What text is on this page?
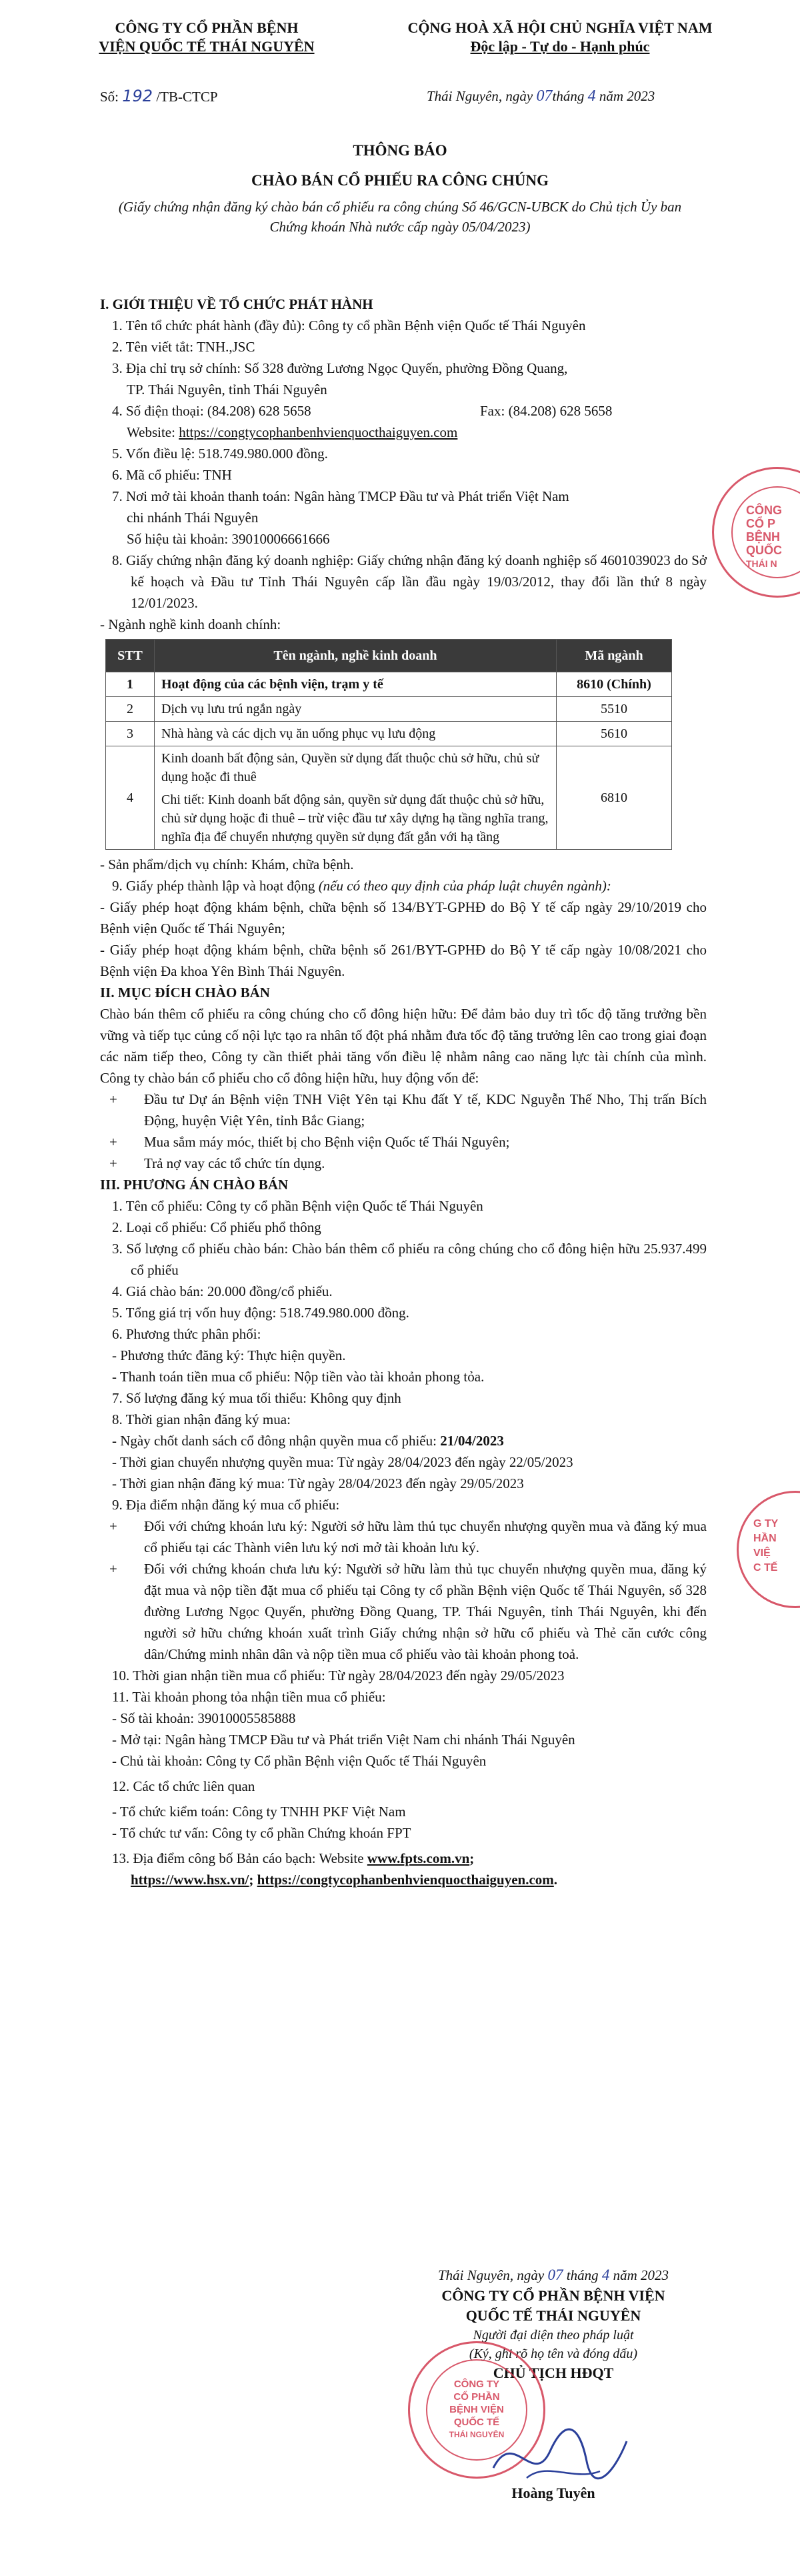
CÔNG TY CỔ PHẦN BỆNH
VIỆN QUỐC TẾ THÁI NGUYÊN
CỘNG HOÀ XÃ HỘI CHỦ NGHĨA VIỆT NAM
Độc lập - Tự do - Hạnh phúc
Số: 192 /TB-CTCP	Thái Nguyên, ngày 07tháng 4 năm 2023
THÔNG BÁO
CHÀO BÁN CỔ PHIẾU RA CÔNG CHÚNG
(Giấy chứng nhận đăng ký chào bán cổ phiếu ra công chúng Số 46/GCN-UBCK do Chủ tịch Ủy ban Chứng khoán Nhà nước cấp ngày 05/04/2023)

I. GIỚI THIỆU VỀ TỔ CHỨC PHÁT HÀNH

1. Tên tổ chức phát hành (đầy đủ): Công ty cổ phần Bệnh viện Quốc tế Thái Nguyên

2. Tên viết tắt: TNH.,JSC

3. Địa chỉ trụ sở chính: Số 328 đường Lương Ngọc Quyến, phường Đồng Quang,

TP. Thái Nguyên, tỉnh Thái Nguyên

4. Số điện thoại: (84.208) 628 5658	Fax: (84.208) 628 5658

Website: https://congtycophanbenhvienquocthaiguyen.com

5. Vốn điều lệ: 518.749.980.000 đồng.

6. Mã cổ phiếu: TNH

7. Nơi mở tài khoản thanh toán: Ngân hàng TMCP Đầu tư và Phát triển Việt Nam

chi nhánh Thái Nguyên

Số hiệu tài khoản: 39010006661666

8. Giấy chứng nhận đăng ký doanh nghiệp: Giấy chứng nhận đăng ký doanh nghiệp số 4601039023 do Sở kế hoạch và Đầu tư Tỉnh Thái Nguyên cấp lần đầu ngày 19/03/2012, thay đổi lần thứ 8 ngày 12/01/2023.

- Ngành nghề kinh doanh chính:

STT	Tên ngành, nghề kinh doanh	Mã ngành
1	Hoạt động của các bệnh viện, trạm y tế	8610 (Chính)
2	Dịch vụ lưu trú ngắn ngày	5510
3	Nhà hàng và các dịch vụ ăn uống phục vụ lưu động	5610
4	Kinh doanh bất động sản, Quyền sử dụng đất thuộc chủ sở hữu, chủ sử dụng hoặc đi thuê
Chi tiết: Kinh doanh bất động sản, quyền sử dụng đất thuộc chủ sở hữu, chủ sử dụng hoặc đi thuê – trừ việc đầu tư xây dựng hạ tầng nghĩa trang, nghĩa địa để chuyển nhượng quyền sử dụng đất gắn với hạ tầng	6810

- Sản phẩm/dịch vụ chính: Khám, chữa bệnh.

9. Giấy phép thành lập và hoạt động (nếu có theo quy định của pháp luật chuyên ngành):

- Giấy phép hoạt động khám bệnh, chữa bệnh số 134/BYT-GPHĐ do Bộ Y tế cấp ngày 29/10/2019 cho Bệnh viện Quốc tế Thái Nguyên;

- Giấy phép hoạt động khám bệnh, chữa bệnh số 261/BYT-GPHĐ do Bộ Y tế cấp ngày 10/08/2021 cho Bệnh viện Đa khoa Yên Bình Thái Nguyên.

II. MỤC ĐÍCH CHÀO BÁN

Chào bán thêm cổ phiếu ra công chúng cho cổ đông hiện hữu: Để đảm bảo duy trì tốc độ tăng trưởng bền vững và tiếp tục củng cố nội lực tạo ra nhân tố đột phá nhằm đưa tốc độ tăng trưởng lên cao trong giai đoạn các năm tiếp theo, Công ty cần thiết phải tăng vốn điều lệ nhằm nâng cao năng lực tài chính của mình. Công ty chào bán cổ phiếu cho cổ đông hiện hữu, huy động vốn để:

+ Đầu tư Dự án Bệnh viện TNH Việt Yên tại Khu đất Y tế, KDC Nguyễn Thế Nho, Thị trấn Bích Động, huyện Việt Yên, tỉnh Bắc Giang;

+ Mua sắm máy móc, thiết bị cho Bệnh viện Quốc tế Thái Nguyên;

+ Trả nợ vay các tổ chức tín dụng.

III. PHƯƠNG ÁN CHÀO BÁN

1. Tên cổ phiếu: Công ty cổ phần Bệnh viện Quốc tế Thái Nguyên

2. Loại cổ phiếu: Cổ phiếu phổ thông

3. Số lượng cổ phiếu chào bán: Chào bán thêm cổ phiếu ra công chúng cho cổ đông hiện hữu 25.937.499 cổ phiếu

4. Giá chào bán: 20.000 đồng/cổ phiếu.

5. Tổng giá trị vốn huy động: 518.749.980.000 đồng.

6. Phương thức phân phối:

- Phương thức đăng ký: Thực hiện quyền.

- Thanh toán tiền mua cổ phiếu: Nộp tiền vào tài khoản phong tỏa.

7. Số lượng đăng ký mua tối thiểu: Không quy định

8. Thời gian nhận đăng ký mua:

- Ngày chốt danh sách cổ đông nhận quyền mua cổ phiếu: 21/04/2023

- Thời gian chuyển nhượng quyền mua: Từ ngày 28/04/2023 đến ngày 22/05/2023

- Thời gian nhận đăng ký mua: Từ ngày 28/04/2023 đến ngày 29/05/2023

9. Địa điểm nhận đăng ký mua cổ phiếu:

+ Đối với chứng khoán lưu ký: Người sở hữu làm thủ tục chuyển nhượng quyền mua và đăng ký mua cổ phiếu tại các Thành viên lưu ký nơi mở tài khoản lưu ký.

+ Đối với chứng khoán chưa lưu ký: Người sở hữu làm thủ tục chuyển nhượng quyền mua, đăng ký đặt mua và nộp tiền đặt mua cổ phiếu tại Công ty cổ phần Bệnh viện Quốc tế Thái Nguyên, số 328 đường Lương Ngọc Quyến, phường Đồng Quang, TP. Thái Nguyên, tỉnh Thái Nguyên, khi đến người sở hữu chứng khoán xuất trình Giấy chứng nhận sở hữu cổ phiếu và Thẻ căn cước công dân/Chứng minh nhân dân và nộp tiền mua cổ phiếu vào tài khoản phong toả.

10. Thời gian nhận tiền mua cổ phiếu: Từ ngày 28/04/2023 đến ngày 29/05/2023

11. Tài khoản phong tỏa nhận tiền mua cổ phiếu:

- Số tài khoản: 39010005585888

- Mở tại: Ngân hàng TMCP Đầu tư và Phát triển Việt Nam chi nhánh Thái Nguyên

- Chủ tài khoản: Công ty Cổ phần Bệnh viện Quốc tế Thái Nguyên

12. Các tổ chức liên quan

- Tổ chức kiểm toán: Công ty TNHH PKF Việt Nam

- Tổ chức tư vấn: Công ty cổ phần Chứng khoán FPT

13. Địa điểm công bố Bản cáo bạch: Website www.fpts.com.vn;

https://www.hsx.vn/; https://congtycophanbenhvienquocthaiguyen.com.

Thái Nguyên, ngày 07 tháng 4 năm 2023
CÔNG TY CỔ PHẦN BỆNH VIỆN
QUỐC TẾ THÁI NGUYÊN
Người đại diện theo pháp luật
(Ký, ghi rõ họ tên và đóng dấu)
CHỦ TỊCH HĐQT
Hoàng Tuyên
CÔNG
CỔ P
BỆNH
QUỐC
THÁI N
G TY
HẦN
VIỆ
C TẾ
CÔNG TY
CỔ PHẦN
BỆNH VIỆN
QUỐC TẾ
THÁI NGUYÊN
